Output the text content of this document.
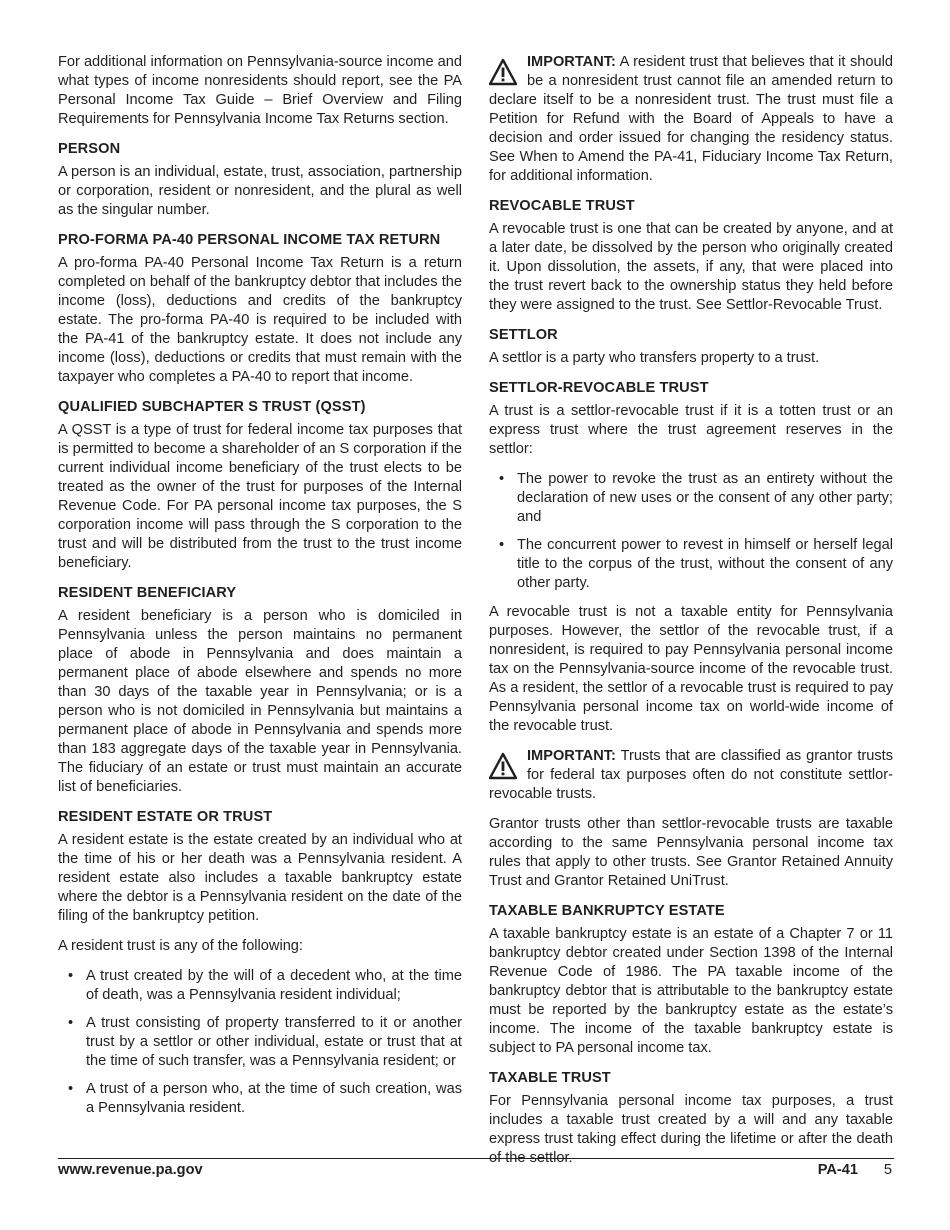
For additional information on Pennsylvania-source income and what types of income nonresidents should report, see the PA Personal Income Tax Guide – Brief Overview and Filing Requirements for Pennsylvania Income Tax Returns section.

PERSON

A person is an individual, estate, trust, association, partnership or corporation, resident or nonresident, and the plural as well as the singular number.

PRO-FORMA PA-40 PERSONAL INCOME TAX RETURN

A pro-forma PA-40 Personal Income Tax Return is a return completed on behalf of the bankruptcy debtor that includes the income (loss), deductions and credits of the bankruptcy estate. The pro-forma PA-40 is required to be included with the PA-41 of the bankruptcy estate. It does not include any income (loss), deductions or credits that must remain with the taxpayer who completes a PA-40 to report that income.

QUALIFIED SUBCHAPTER S TRUST (QSST)

A QSST is a type of trust for federal income tax purposes that is permitted to become a shareholder of an S corporation if the current individual income beneficiary of the trust elects to be treated as the owner of the trust for purposes of the Internal Revenue Code. For PA personal income tax purposes, the S corporation income will pass through the S corporation to the trust and will be distributed from the trust to the trust income beneficiary.

RESIDENT BENEFICIARY

A resident beneficiary is a person who is domiciled in Pennsylvania unless the person maintains no permanent place of abode in Pennsylvania and does maintain a permanent place of abode elsewhere and spends no more than 30 days of the taxable year in Pennsylvania; or is a person who is not domiciled in Pennsylvania but maintains a permanent place of abode in Pennsylvania and spends more than 183 aggregate days of the taxable year in Pennsylvania. The fiduciary of an estate or trust must maintain an accurate list of beneficiaries.

RESIDENT ESTATE OR TRUST

A resident estate is the estate created by an individual who at the time of his or her death was a Pennsylvania resident. A resident estate also includes a taxable bankruptcy estate where the debtor is a Pennsylvania resident on the date of the filing of the bankruptcy petition.

A resident trust is any of the following:

• A trust created by the will of a decedent who, at the time of death, was a Pennsylvania resident individual;
• A trust consisting of property transferred to it or another trust by a settlor or other individual, estate or trust that at the time of such transfer, was a Pennsylvania resident; or
• A trust of a person who, at the time of such creation, was a Pennsylvania resident.

IMPORTANT: A resident trust that believes that it should be a nonresident trust cannot file an amended return to declare itself to be a nonresident trust. The trust must file a Petition for Refund with the Board of Appeals to have a decision and order issued for changing the residency status. See When to Amend the PA-41, Fiduciary Income Tax Return, for additional information.

REVOCABLE TRUST

A revocable trust is one that can be created by anyone, and at a later date, be dissolved by the person who originally created it. Upon dissolution, the assets, if any, that were placed into the trust revert back to the ownership status they held before they were assigned to the trust. See Settlor-Revocable Trust.

SETTLOR

A settlor is a party who transfers property to a trust.

SETTLOR-REVOCABLE TRUST

A trust is a settlor-revocable trust if it is a totten trust or an express trust where the trust agreement reserves in the settlor:

• The power to revoke the trust as an entirety without the declaration of new uses or the consent of any other party; and
• The concurrent power to revest in himself or herself legal title to the corpus of the trust, without the consent of any other party.

A revocable trust is not a taxable entity for Pennsylvania purposes. However, the settlor of the revocable trust, if a nonresident, is required to pay Pennsylvania personal income tax on the Pennsylvania-source income of the revocable trust. As a resident, the settlor of a revocable trust is required to pay Pennsylvania personal income tax on world-wide income of the revocable trust.

IMPORTANT: Trusts that are classified as grantor trusts for federal tax purposes often do not constitute settlor-revocable trusts.

Grantor trusts other than settlor-revocable trusts are taxable according to the same Pennsylvania personal income tax rules that apply to other trusts. See Grantor Retained Annuity Trust and Grantor Retained UniTrust.

TAXABLE BANKRUPTCY ESTATE

A taxable bankruptcy estate is an estate of a Chapter 7 or 11 bankruptcy debtor created under Section 1398 of the Internal Revenue Code of 1986. The PA taxable income of the bankruptcy debtor that is attributable to the bankruptcy estate must be reported by the bankruptcy estate as the estate’s income. The income of the taxable bankruptcy estate is subject to PA personal income tax.

TAXABLE TRUST

For Pennsylvania personal income tax purposes, a trust includes a taxable trust created by a will and any taxable express trust taking effect during the lifetime or after the death of the settlor.

www.revenue.pa.gov	PA-41 5
